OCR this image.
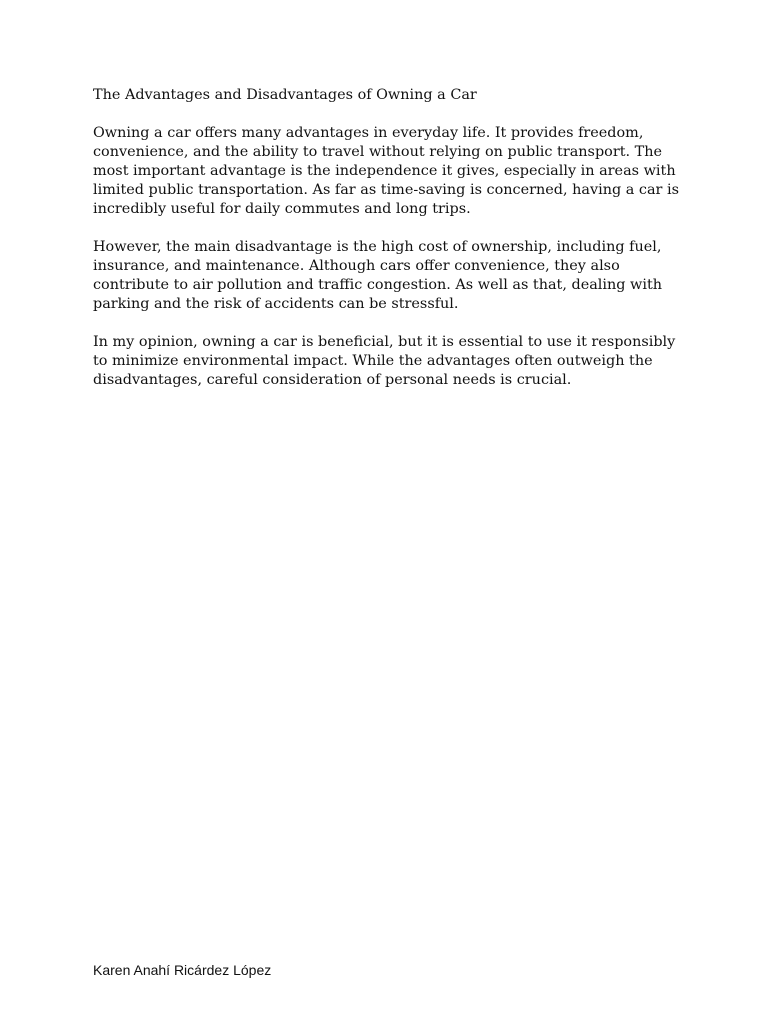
The Advantages and Disadvantages of Owning a Car

Owning a car offers many advantages in everyday life. It provides freedom, convenience, and the ability to travel without relying on public transport. The most important advantage is the independence it gives, especially in areas with limited public transportation. As far as time-saving is concerned, having a car is incredibly useful for daily commutes and long trips.

However, the main disadvantage is the high cost of ownership, including fuel, insurance, and maintenance. Although cars offer convenience, they also contribute to air pollution and traffic congestion. As well as that, dealing with parking and the risk of accidents can be stressful.

In my opinion, owning a car is beneficial, but it is essential to use it responsibly to minimize environmental impact. While the advantages often outweigh the disadvantages, careful consideration of personal needs is crucial.

Karen Anahí Ricárdez López
